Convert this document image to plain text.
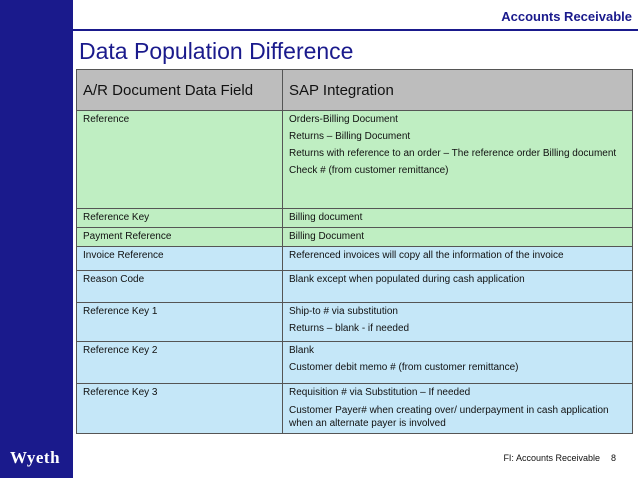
Wyeth
Accounts Receivable
Data Population Difference
A/R Document Data Field	SAP Integration
Reference	Orders-Billing Document
Returns – Billing Document
Returns with reference to an order – The reference order Billing document
Check # (from customer remittance)

Reference Key	Billing document

Payment Reference	Billing Document

Invoice Reference	Referenced invoices will copy all the information of the invoice

Reason Code	Blank except when populated during cash application

Reference Key 1	Ship-to # via substitution
Returns – blank - if needed

Reference Key 2	Blank
Customer debit memo # (from customer remittance)

Reference Key 3	Requisition # via Substitution – If needed
Customer Payer# when creating over/ underpayment in cash application when an alternate payer is involved
FI: Accounts Receivable 8
